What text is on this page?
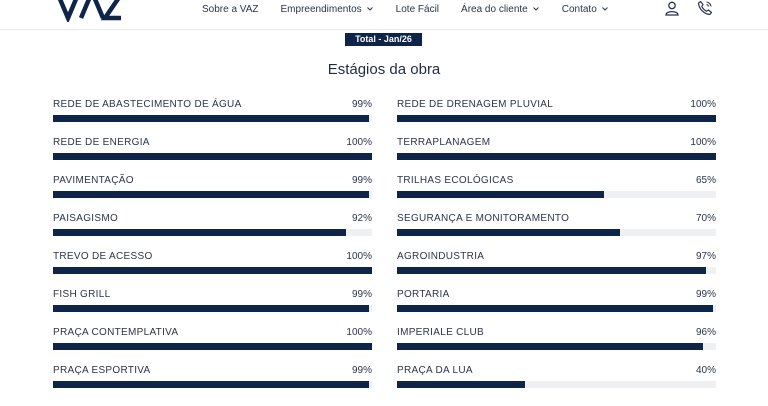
Sobre a VAZ Empreendimentos	Lote Fácil Área do cliente	Contato
Total - Jan/26
Estágios da obra
REDE DE ABASTECIMENTO DE ÁGUA	99%
REDE DE ENERGIA	100%
PAVIMENTAÇÃO	99%
PAISAGISMO	92%
TREVO DE ACESSO	100%
FISH GRILL	99%
PRAÇA CONTEMPLATIVA	100%
PRAÇA ESPORTIVA	99%
REDE DE DRENAGEM PLUVIAL	100%
TERRAPLANAGEM	100%
TRILHAS ECOLÓGICAS	65%
SEGURANÇA E MONITORAMENTO	70%
AGROINDUSTRIA	97%
PORTARIA	99%
IMPERIALE CLUB	96%
PRAÇA DA LUA	40%
